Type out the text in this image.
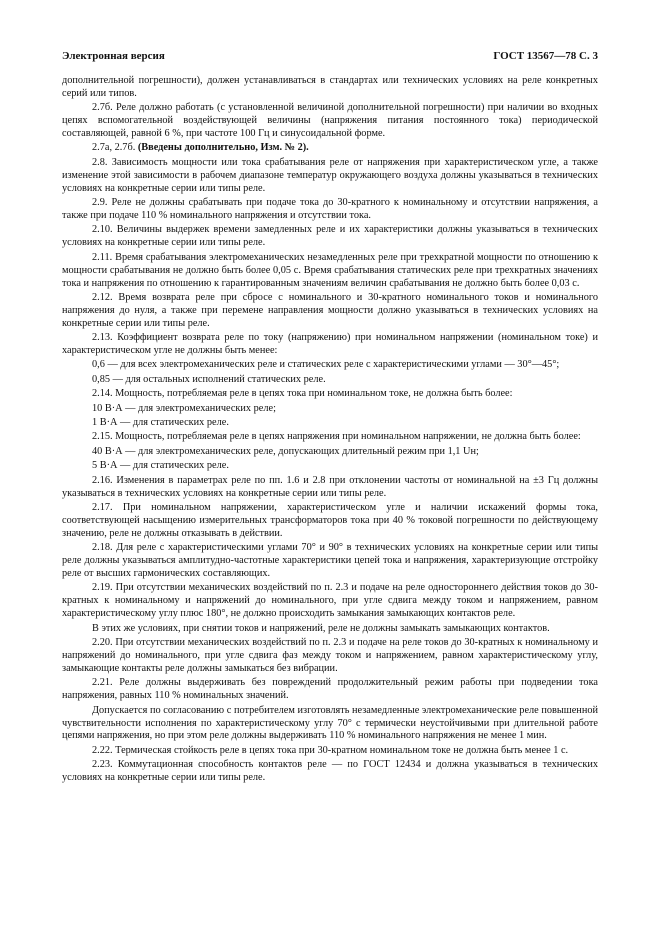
Электронная версия	ГОСТ 13567—78 С. 3

дополнительной погрешности), должен устанавливаться в стандартах или технических условиях на реле конкретных серий или типов.

2.7б. Реле должно работать (с установленной величиной дополнительной погрешности) при наличии во входных цепях вспомогательной воздействующей величины (напряжения питания постоянного тока) периодической составляющей, равной 6 %, при частоте 100 Гц и синусоидальной форме.

2.7а, 2.7б. (Введены дополнительно, Изм. № 2).

2.8. Зависимость мощности или тока срабатывания реле от напряжения при характеристическом угле, а также изменение этой зависимости в рабочем диапазоне температур окружающего воздуха должны указываться в технических условиях на конкретные серии или типы реле.

2.9. Реле не должны срабатывать при подаче тока до 30-кратного к номинальному и отсутствии напряжения, а также при подаче 110 % номинального напряжения и отсутствии тока.

2.10. Величины выдержек времени замедленных реле и их характеристики должны указываться в технических условиях на конкретные серии или типы реле.

2.11. Время срабатывания электромеханических незамедленных реле при трехкратной мощности по отношению к мощности срабатывания не должно быть более 0,05 с. Время срабатывания статических реле при трехкратных значениях тока и напряжения по отношению к гарантированным значениям величин срабатывания не должно быть более 0,03 с.

2.12. Время возврата реле при сбросе с номинального и 30-кратного номинального токов и номинального напряжения до нуля, а также при перемене направления мощности должно указываться в технических условиях на конкретные серии или типы реле.

2.13. Коэффициент возврата реле по току (напряжению) при номинальном напряжении (номинальном токе) и характеристическом угле не должны быть менее:

0,6 — для всех электромеханических реле и статических реле с характеристическими углами — 30°—45°;

0,85 — для остальных исполнений статических реле.

2.14. Мощность, потребляемая реле в цепях тока при номинальном токе, не должна быть более:

10 В·А — для электромеханических реле;

1 В·А — для статических реле.

2.15. Мощность, потребляемая реле в цепях напряжения при номинальном напряжении, не должна быть более:

40 В·А — для электромеханических реле, допускающих длительный режим при 1,1 Uн;

5 В·А — для статических реле.

2.16. Изменения в параметрах реле по пп. 1.6 и 2.8 при отклонении частоты от номинальной на ±3 Гц должны указываться в технических условиях на конкретные серии или типы реле.

2.17. При номинальном напряжении, характеристическом угле и наличии искажений формы тока, соответствующей насыщению измерительных трансформаторов тока при 40 % токовой погрешности по действующему значению, реле не должны отказывать в действии.

2.18. Для реле с характеристическими углами 70° и 90° в технических условиях на конкретные серии или типы реле должны указываться амплитудно-частотные характеристики цепей тока и напряжения, характеризующие отстройку реле от высших гармонических составляющих.

2.19. При отсутствии механических воздействий по п. 2.3 и подаче на реле одностороннего действия токов до 30-кратных к номинальному и напряжений до номинального, при угле сдвига между током и напряжением, равном характеристическому углу плюс 180°, не должно происходить замыкания замыкающих контактов реле.

В этих же условиях, при снятии токов и напряжений, реле не должны замыкать замыкающих контактов.

2.20. При отсутствии механических воздействий по п. 2.3 и подаче на реле токов до 30-кратных к номинальному и напряжений до номинального, при угле сдвига фаз между током и напряжением, равном характеристическому углу, замыкающие контакты реле должны замыкаться без вибрации.

2.21. Реле должны выдерживать без повреждений продолжительный режим работы при подведении тока напряжения, равных 110 % номинальных значений.

Допускается по согласованию с потребителем изготовлять незамедленные электромеханические реле повышенной чувствительности исполнения по характеристическому углу 70° с термически неустойчивыми при длительной работе цепями напряжения, но при этом реле должны выдерживать 110 % номинального напряжения не менее 1 мин.

2.22. Термическая стойкость реле в цепях тока при 30-кратном номинальном токе не должна быть менее 1 с.

2.23. Коммутационная способность контактов реле — по ГОСТ 12434 и должна указываться в технических условиях на конкретные серии или типы реле.
